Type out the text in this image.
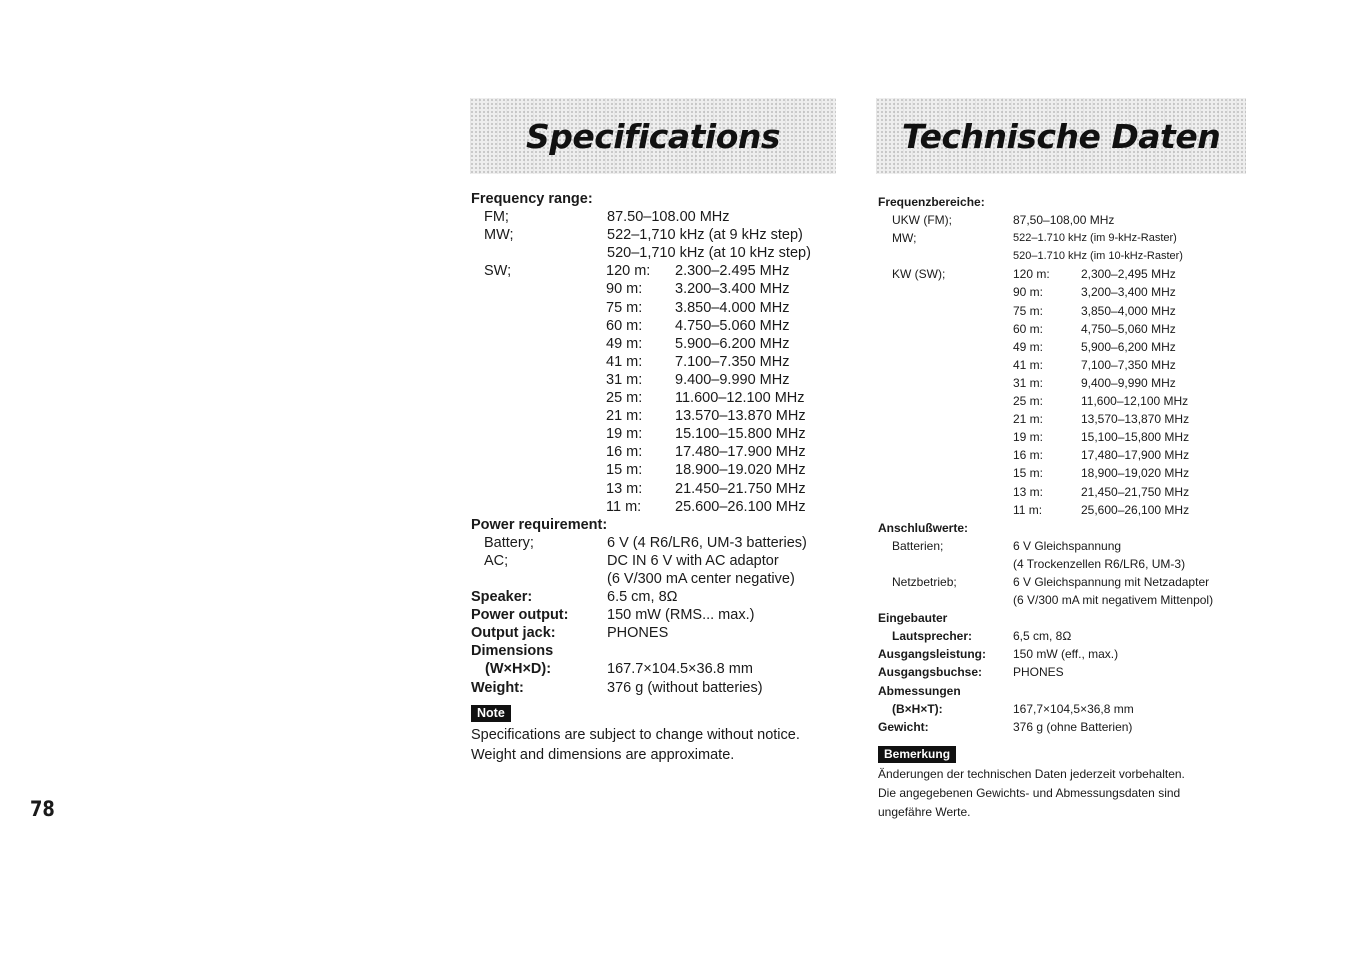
Specifications	Technische Daten
Frequency range:
FM;	87.50–108.00 MHz
MW;	522–1,710 kHz (at 9 kHz step)
520–1,710 kHz (at 10 kHz step)
SW;	120 m: 2.300–2.495 MHz
90 m: 3.200–3.400 MHz
75 m: 3.850–4.000 MHz
60 m: 4.750–5.060 MHz
49 m: 5.900–6.200 MHz
41 m: 7.100–7.350 MHz
31 m: 9.400–9.990 MHz
25 m: 11.600–12.100 MHz
21 m: 13.570–13.870 MHz
19 m: 15.100–15.800 MHz
16 m: 17.480–17.900 MHz
15 m: 18.900–19.020 MHz
13 m: 21.450–21.750 MHz
11 m: 25.600–26.100 MHz
Power requirement:
Battery;	6 V (4 R6/LR6, UM-3 batteries)
AC;	DC IN 6 V with AC adaptor
(6 V/300 mA center negative)
Speaker:	6.5 cm, 8Ω
Power output:	150 mW (RMS... max.)
Output jack:	PHONES
Dimensions
(W×H×D):	167.7×104.5×36.8 mm
Weight:	376 g (without batteries)
Note
Specifications are subject to change without notice.
Weight and dimensions are approximate.
Frequenzbereiche:
UKW (FM);	87,50–108,00 MHz
MW;	522–1.710 kHz (im 9-kHz-Raster)
520–1.710 kHz (im 10-kHz-Raster)
KW (SW);	120 m:	2,300–2,495 MHz
90 m:	3,200–3,400 MHz
75 m:	3,850–4,000 MHz
60 m:	4,750–5,060 MHz
49 m:	5,900–6,200 MHz
41 m:	7,100–7,350 MHz
31 m:	9,400–9,990 MHz
25 m:	11,600–12,100 MHz
21 m:	13,570–13,870 MHz
19 m:	15,100–15,800 MHz
16 m:	17,480–17,900 MHz
15 m:	18,900–19,020 MHz
13 m:	21,450–21,750 MHz
11 m:	25,600–26,100 MHz
Anschlußwerte:
Batterien;	6 V Gleichspannung
(4 Trockenzellen R6/LR6, UM-3)
Netzbetrieb;	6 V Gleichspannung mit Netzadapter
(6 V/300 mA mit negativem Mittenpol)
Eingebauter
Lautsprecher:	6,5 cm, 8Ω
Ausgangsleistung: 150 mW (eff., max.)
Ausgangsbuchse:	PHONES
Abmessungen
(B×H×T):	167,7×104,5×36,8 mm
Gewicht:	376 g (ohne Batterien)
Bemerkung
Änderungen der technischen Daten jederzeit vorbehalten.
Die angegebenen Gewichts- und Abmessungsdaten sind
ungefähre Werte.
78
